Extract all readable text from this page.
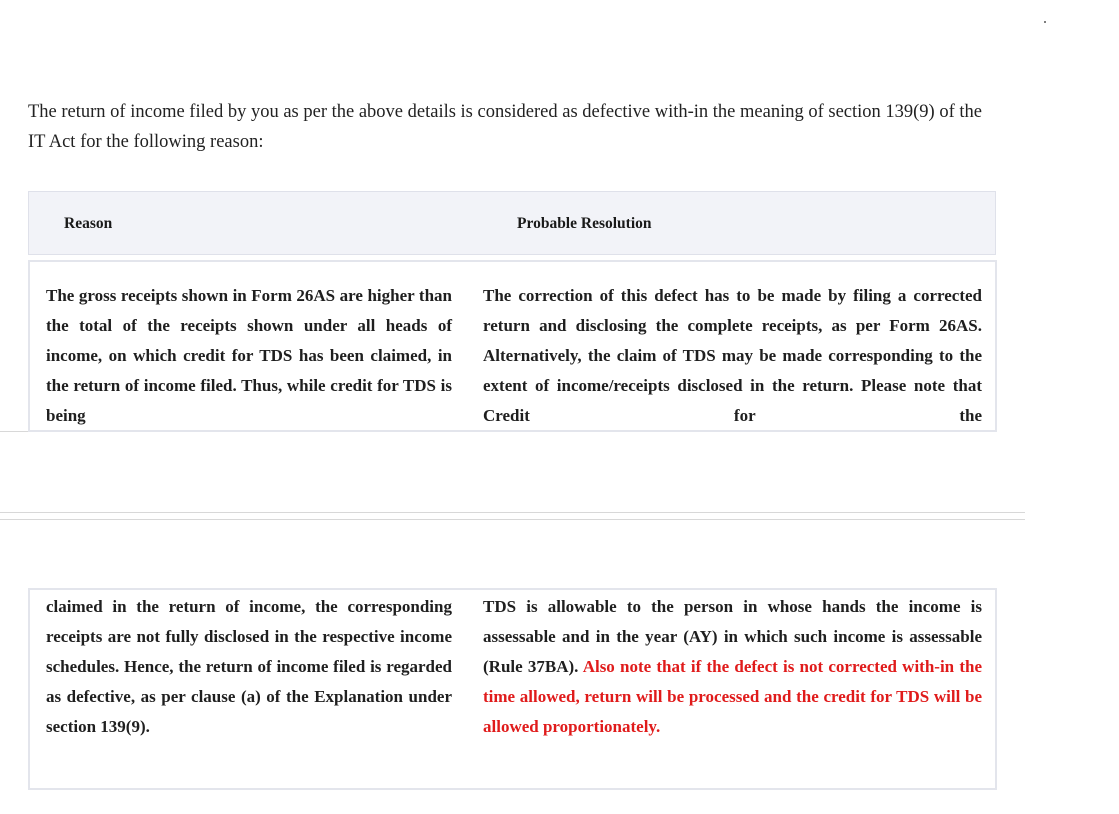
The return of income filed by you as per the above details is considered as defective with-in the meaning of section 139(9) of the IT Act for the following reason:

Reason	Probable Resolution

The gross receipts shown in Form 26AS are higher than the total of the receipts shown under all heads of income, on which credit for TDS has been claimed, in the return of income filed. Thus, while credit for TDS is being

The correction of this defect has to be made by filing a corrected return and disclosing the complete receipts, as per Form 26AS. Alternatively, the claim of TDS may be made corresponding to the extent of income/receipts disclosed in the return. Please note that Credit for the

claimed in the return of income, the corresponding receipts are not fully disclosed in the respective income schedules. Hence, the return of income filed is regarded as defective, as per clause (a) of the Explanation under section 139(9).

TDS is allowable to the person in whose hands the income is assessable and in the year (AY) in which such income is assessable (Rule 37BA). Also note that if the defect is not corrected with-in the time allowed, return will be processed and the credit for TDS will be allowed proportionately.
